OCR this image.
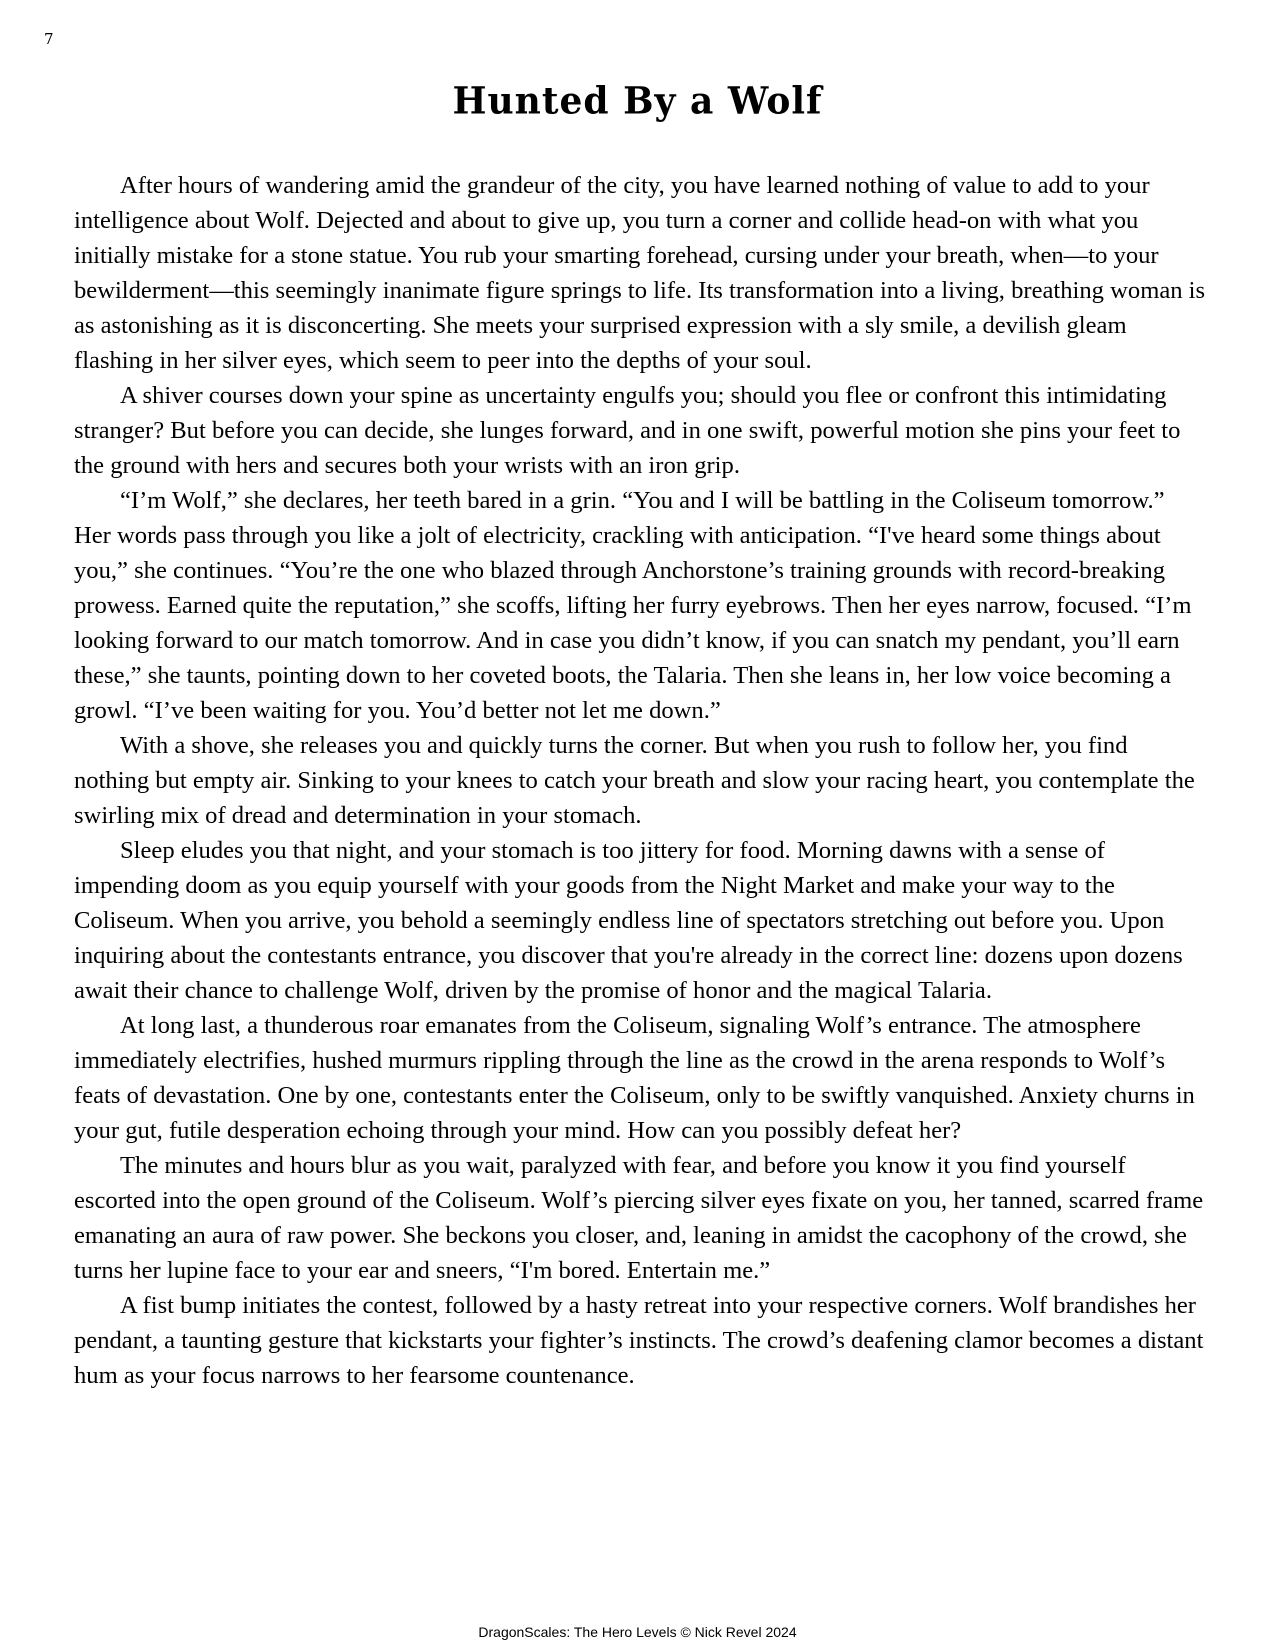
7
Hunted By a Wolf

After hours of wandering amid the grandeur of the city, you have learned nothing of value to add to your intelligence about Wolf. Dejected and about to give up, you turn a corner and collide head-on with what you initially mistake for a stone statue. You rub your smarting forehead, cursing under your breath, when—to your bewilderment—this seemingly inanimate figure springs to life. Its transformation into a living, breathing woman is as astonishing as it is disconcerting. She meets your surprised expression with a sly smile, a devilish gleam flashing in her silver eyes, which seem to peer into the depths of your soul.

A shiver courses down your spine as uncertainty engulfs you; should you flee or confront this intimidating stranger? But before you can decide, she lunges forward, and in one swift, powerful motion she pins your feet to the ground with hers and secures both your wrists with an iron grip.

“I’m Wolf,” she declares, her teeth bared in a grin. “You and I will be battling in the Coliseum tomorrow.” Her words pass through you like a jolt of electricity, crackling with anticipation. “I've heard some things about you,” she continues. “You’re the one who blazed through Anchorstone’s training grounds with record-breaking prowess. Earned quite the reputation,” she scoffs, lifting her furry eyebrows. Then her eyes narrow, focused. “I’m looking forward to our match tomorrow. And in case you didn’t know, if you can snatch my pendant, you’ll earn these,” she taunts, pointing down to her coveted boots, the Talaria. Then she leans in, her low voice becoming a growl. “I’ve been waiting for you. You’d better not let me down.”

With a shove, she releases you and quickly turns the corner. But when you rush to follow her, you find nothing but empty air. Sinking to your knees to catch your breath and slow your racing heart, you contemplate the swirling mix of dread and determination in your stomach.

Sleep eludes you that night, and your stomach is too jittery for food. Morning dawns with a sense of impending doom as you equip yourself with your goods from the Night Market and make your way to the Coliseum. When you arrive, you behold a seemingly endless line of spectators stretching out before you. Upon inquiring about the contestants entrance, you discover that you're already in the correct line: dozens upon dozens await their chance to challenge Wolf, driven by the promise of honor and the magical Talaria.

At long last, a thunderous roar emanates from the Coliseum, signaling Wolf’s entrance. The atmosphere immediately electrifies, hushed murmurs rippling through the line as the crowd in the arena responds to Wolf’s feats of devastation. One by one, contestants enter the Coliseum, only to be swiftly vanquished. Anxiety churns in your gut, futile desperation echoing through your mind. How can you possibly defeat her?

The minutes and hours blur as you wait, paralyzed with fear, and before you know it you find yourself escorted into the open ground of the Coliseum. Wolf’s piercing silver eyes fixate on you, her tanned, scarred frame emanating an aura of raw power. She beckons you closer, and, leaning in amidst the cacophony of the crowd, she turns her lupine face to your ear and sneers, “I'm bored. Entertain me.”

A fist bump initiates the contest, followed by a hasty retreat into your respective corners. Wolf brandishes her pendant, a taunting gesture that kickstarts your fighter’s instincts. The crowd’s deafening clamor becomes a distant hum as your focus narrows to her fearsome countenance.

DragonScales: The Hero Levels © Nick Revel 2024
